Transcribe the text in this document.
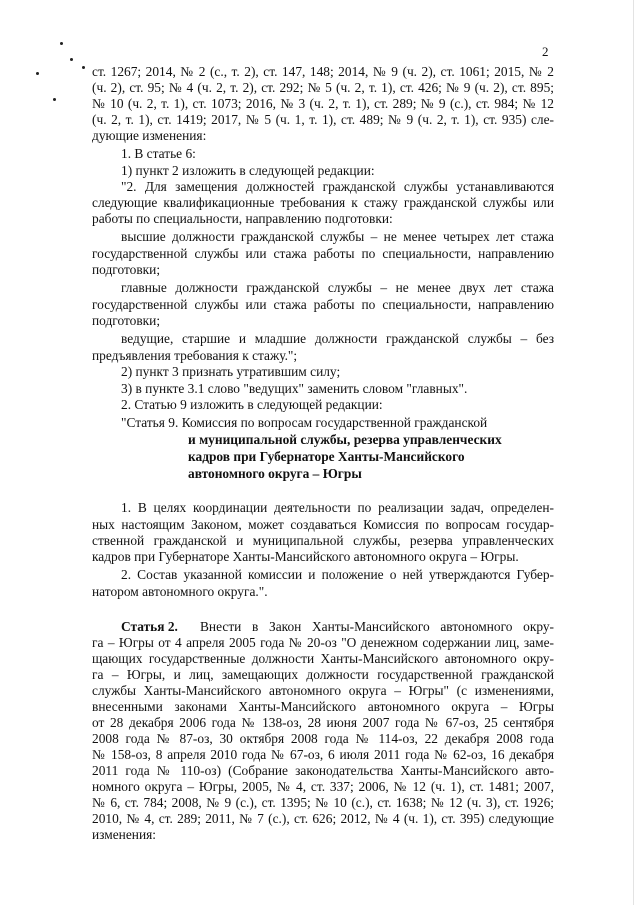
2
ст. 1267; 2014, № 2 (с., т. 2), ст. 147, 148; 2014, № 9 (ч. 2), ст. 1061; 2015, № 2
(ч. 2), ст. 95; № 4 (ч. 2, т. 2), ст. 292; № 5 (ч. 2, т. 1), ст. 426; № 9 (ч. 2), ст. 895;
№ 10 (ч. 2, т. 1), ст. 1073; 2016, № 3 (ч. 2, т. 1), ст. 289; № 9 (с.), ст. 984; № 12
(ч. 2, т. 1), ст. 1419; 2017, № 5 (ч. 1, т. 1), ст. 489; № 9 (ч. 2, т. 1), ст. 935) сле-
дующие изменения:
1. В статье 6:
1) пункт 2 изложить в следующей редакции:
"2. Для замещения должностей гражданской службы устанавливаются
следующие квалификационные требования к стажу гражданской службы или
работы по специальности, направлению подготовки:
высшие должности гражданской службы – не менее четырех лет стажа
государственной службы или стажа работы по специальности, направлению
подготовки;
главные должности гражданской службы – не менее двух лет стажа
государственной службы или стажа работы по специальности, направлению
подготовки;
ведущие, старшие и младшие должности гражданской службы – без
предъявления требования к стажу.";
2) пункт 3 признать утратившим силу;
3) в пункте 3.1 слово "ведущих" заменить словом "главных".
2. Статью 9 изложить в следующей редакции:
"Статья 9. Комиссия по вопросам государственной гражданской
и муниципальной службы, резерва управленческих
кадров при Губернаторе Ханты-Мансийского
автономного округа – Югры
1. В целях координации деятельности по реализации задач, определен-
ных настоящим Законом, может создаваться Комиссия по вопросам государ-
ственной гражданской и муниципальной службы, резерва управленческих
кадров при Губернаторе Ханты-Мансийского автономного округа – Югры.
2. Состав указанной комиссии и положение о ней утверждаются Губер-
натором автономного округа.".
Статья 2. Внести в Закон Ханты-Мансийского автономного окру-
га – Югры от 4 апреля 2005 года № 20-оз "О денежном содержании лиц, заме-
щающих государственные должности Ханты-Мансийского автономного окру-
га – Югры, и лиц, замещающих должности государственной гражданской
службы Ханты-Мансийского автономного округа – Югры" (с изменениями,
внесенными законами Ханты-Мансийского автономного округа – Югры
от 28 декабря 2006 года № 138-оз, 28 июня 2007 года № 67-оз, 25 сентября
2008 года № 87-оз, 30 октября 2008 года № 114-оз, 22 декабря 2008 года
№ 158-оз, 8 апреля 2010 года № 67-оз, 6 июля 2011 года № 62-оз, 16 декабря
2011 года № 110-оз) (Собрание законодательства Ханты-Мансийского авто-
номного округа – Югры, 2005, № 4, ст. 337; 2006, № 12 (ч. 1), ст. 1481; 2007,
№ 6, ст. 784; 2008, № 9 (с.), ст. 1395; № 10 (с.), ст. 1638; № 12 (ч. 3), ст. 1926;
2010, № 4, ст. 289; 2011, № 7 (с.), ст. 626; 2012, № 4 (ч. 1), ст. 395) следующие
изменения:
